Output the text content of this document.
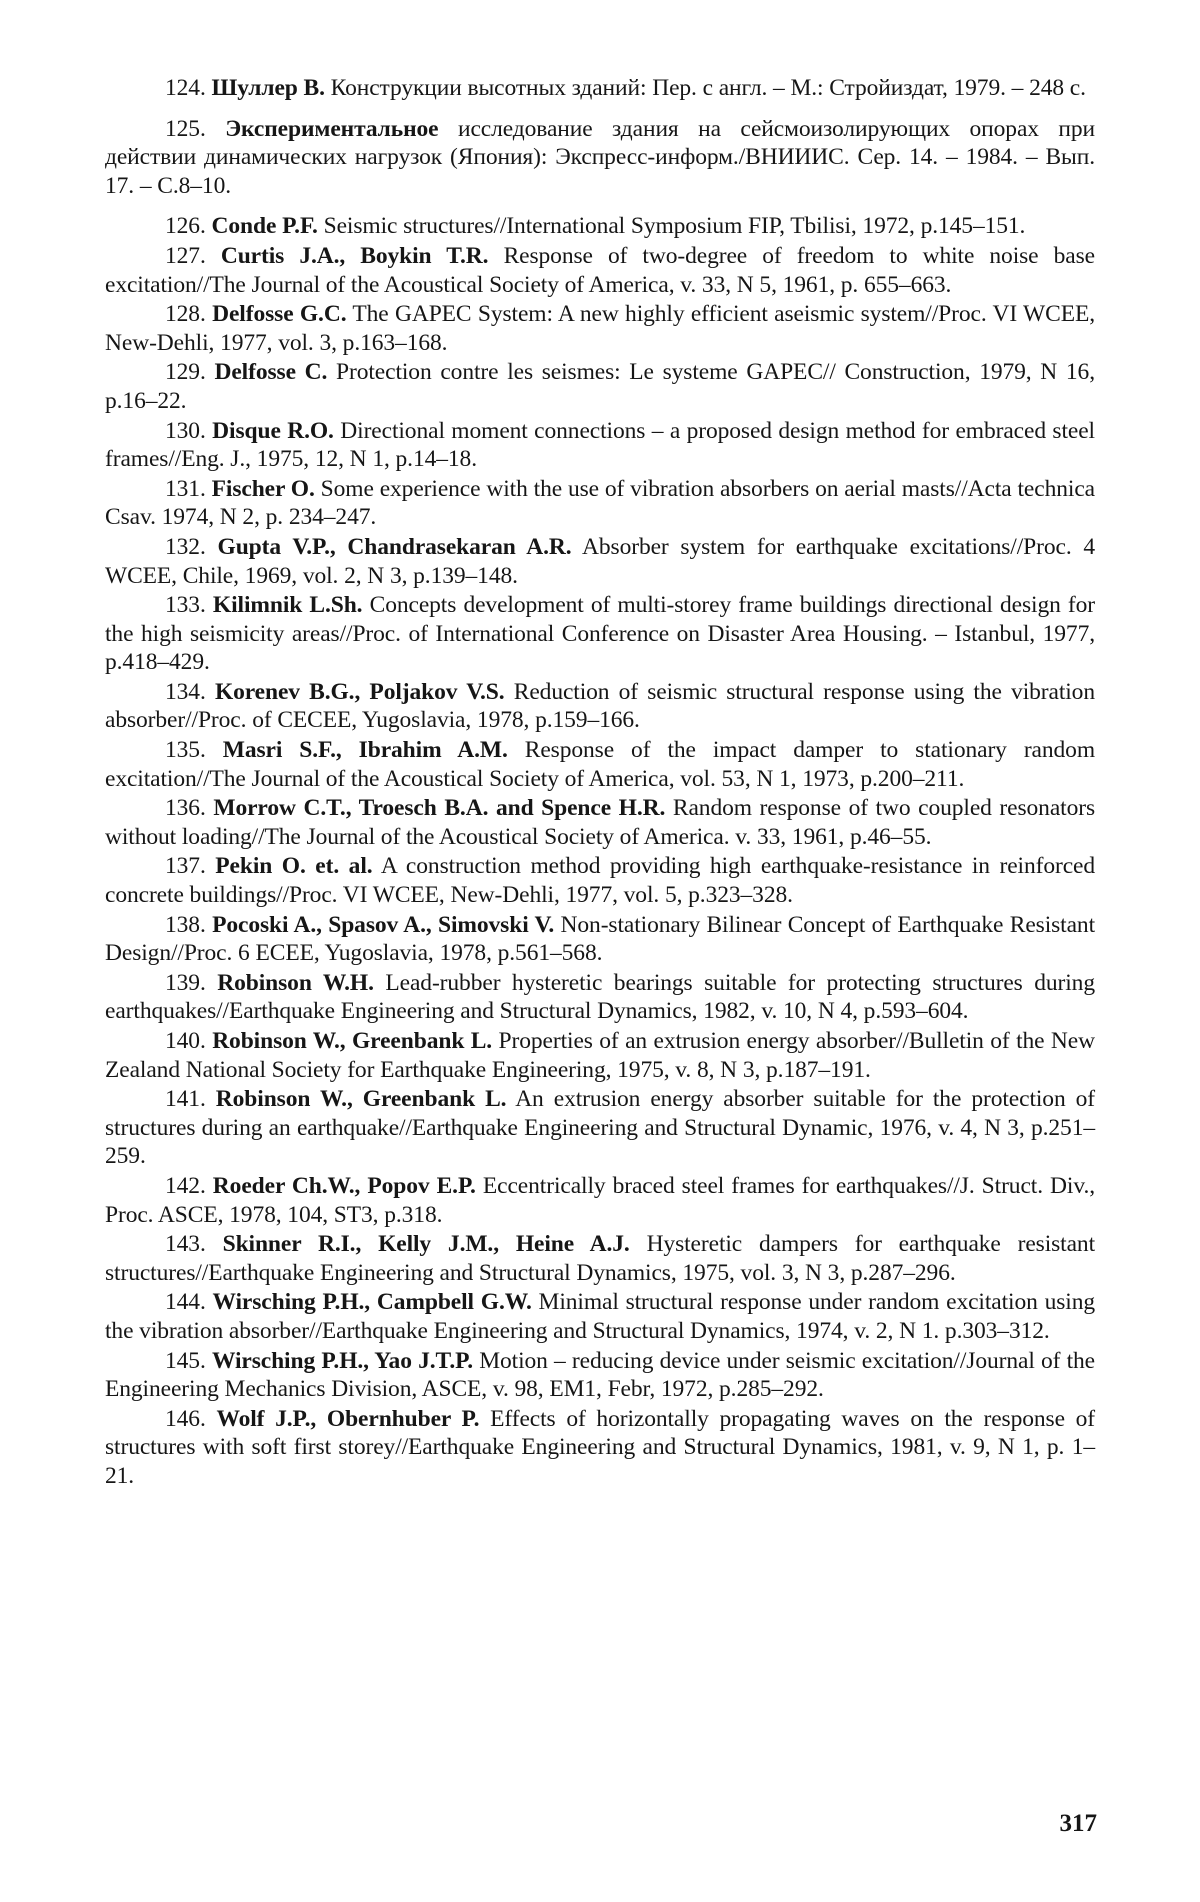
124. Шуллер В. Конструкции высотных зданий: Пер. с англ. – М.: Стройиздат, 1979. – 248 с.

125. Экспериментальное исследование здания на сейсмоизолирующих опорах при действии динамических нагрузок (Япония): Экспресс-информ./ВНИИИС. Сер. 14. – 1984. – Вып. 17. – С.8–10.

126. Conde P.F. Seismic structures//International Symposium FIP, Tbilisi, 1972, p.145–151.

127. Curtis J.A., Boykin T.R. Response of two-degree of freedom to white noise base excitation//The Journal of the Acoustical Society of America, v. 33, N 5, 1961, p. 655–663.

128. Delfosse G.C. The GAPEC System: A new highly efficient aseismic system//Proc. VI WCEE, New-Dehli, 1977, vol. 3, p.163–168.

129. Delfosse C. Protection contre les seismes: Le systeme GAPEC// Construction, 1979, N 16, p.16–22.

130. Disque R.O. Directional moment connections – a proposed design method for embraced steel frames//Eng. J., 1975, 12, N 1, p.14–18.

131. Fischer O. Some experience with the use of vibration absorbers on aerial masts//Acta technica Csav. 1974, N 2, p. 234–247.

132. Gupta V.P., Chandrasekaran A.R. Absorber system for earthquake excitations//Proc. 4 WCEE, Chile, 1969, vol. 2, N 3, p.139–148.

133. Kilimnik L.Sh. Concepts development of multi-storey frame buildings directional design for the high seismicity areas//Proc. of International Conference on Disaster Area Housing. – Istanbul, 1977, p.418–429.

134. Korenev B.G., Poljakov V.S. Reduction of seismic structural response using the vibration absorber//Proc. of CECEE, Yugoslavia, 1978, p.159–166.

135. Masri S.F., Ibrahim A.M. Response of the impact damper to stationary random excitation//The Journal of the Acoustical Society of America, vol. 53, N 1, 1973, p.200–211.

136. Morrow C.T., Troesch B.A. and Spence H.R. Random response of two coupled resonators without loading//The Journal of the Acoustical Society of America. v. 33, 1961, p.46–55.

137. Pekin O. et. al. A construction method providing high earthquake-resistance in reinforced concrete buildings//Proc. VI WCEE, New-Dehli, 1977, vol. 5, p.323–328.

138. Pocoski A., Spasov A., Simovski V. Non-stationary Bilinear Concept of Earthquake Resistant Design//Proc. 6 ECEE, Yugoslavia, 1978, p.561–568.

139. Robinson W.H. Lead-rubber hysteretic bearings suitable for protecting structures during earthquakes//Earthquake Engineering and Structural Dynamics, 1982, v. 10, N 4, p.593–604.

140. Robinson W., Greenbank L. Properties of an extrusion energy absorber//Bulletin of the New Zealand National Society for Earthquake Engineering, 1975, v. 8, N 3, p.187–191.

141. Robinson W., Greenbank L. An extrusion energy absorber suitable for the protection of structures during an earthquake//Earthquake Engineering and Structural Dynamic, 1976, v. 4, N 3, p.251–259.

142. Roeder Ch.W., Popov E.P. Eccentrically braced steel frames for earthquakes//J. Struct. Div., Proc. ASCE, 1978, 104, ST3, p.318.

143. Skinner R.I., Kelly J.M., Heine A.J. Hysteretic dampers for earthquake resistant structures//Earthquake Engineering and Structural Dynamics, 1975, vol. 3, N 3, p.287–296.

144. Wirsching P.H., Campbell G.W. Minimal structural response under random excitation using the vibration absorber//Earthquake Engineering and Structural Dynamics, 1974, v. 2, N 1. p.303–312.

145. Wirsching P.H., Yao J.T.P. Motion – reducing device under seismic excitation//Journal of the Engineering Mechanics Division, ASCE, v. 98, EM1, Febr, 1972, p.285–292.

146. Wolf J.P., Obernhuber P. Effects of horizontally propagating waves on the response of structures with soft first storey//Earthquake Engineering and Structural Dynamics, 1981, v. 9, N 1, p. 1–21.

317
